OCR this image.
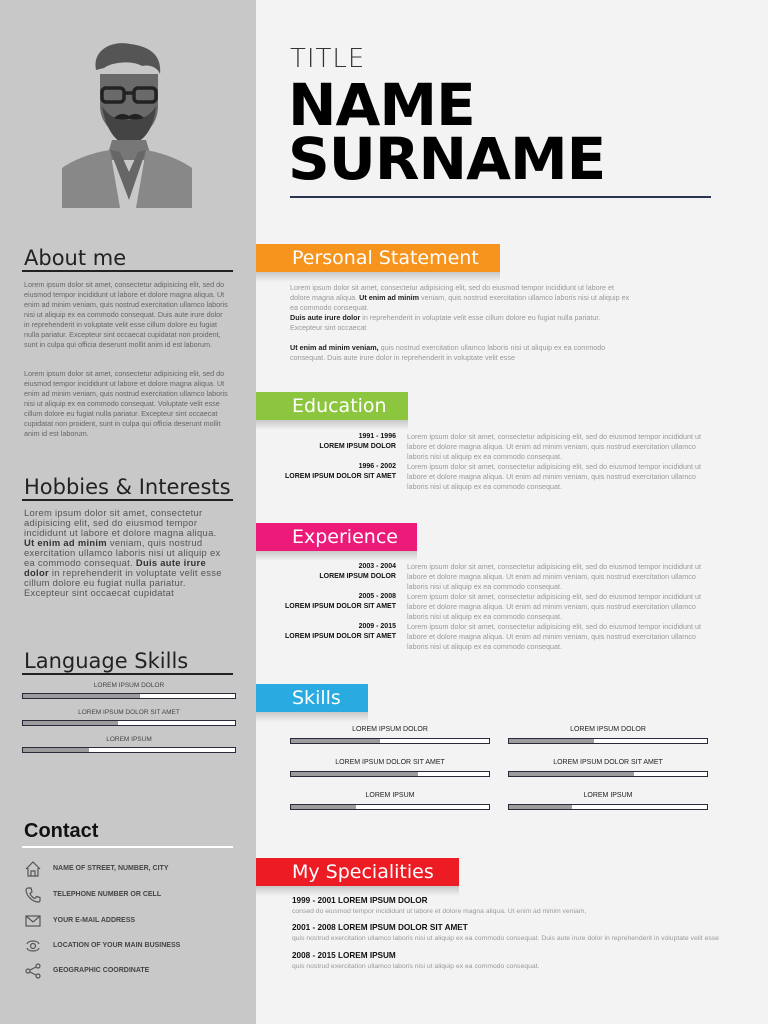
About me
Lorem ipsum dolor sit amet, consectetur adipisicing elit, sed do eiusmod tempor incididunt ut labore et dolore magna aliqua. Ut enim ad minim veniam, quis nostrud exercitation ullamco laboris nisi ut aliquip ex ea commodo consequat. Duis aute irure dolor in reprehenderit in voluptate velit esse cillum dolore eu fugiat nulla pariatur. Excepteur sint occaecat cupidatat non proident, sunt in culpa qui officia deserunt mollit anim id est laborum.
Lorem ipsum dolor sit amet, consectetur adipisicing elit, sed do eiusmod tempor incididunt ut labore et dolore magna aliqua. Ut enim ad minim veniam, quis nostrud exercitation ullamco laboris nisi ut aliquip ex ea commodo consequat. Voluptate velit esse cillum dolore eu fugiat nulla pariatur. Excepteur sint occaecat cupidatat non proident, sunt in culpa qui officia deserunt mollit anim id est laborum.
Hobbies & Interests
Lorem ipsum dolor sit amet, consectetur adipisicing elit, sed do eiusmod tempor incididunt ut labore et dolore magna aliqua. Ut enim ad minim veniam, quis nostrud exercitation ullamco laboris nisi ut aliquip ex ea commodo consequat. Duis aute irure dolor in reprehenderit in voluptate velit esse cillum dolore eu fugiat nulla pariatur. Excepteur sint occaecat cupidatat
Language Skills
Contact
NAME OF STREET, NUMBER, CITY
TELEPHONE NUMBER OR CELL
YOUR E-MAIL ADDRESS
LOCATION OF YOUR MAIN BUSINESS
GEOGRAPHIC COORDINATE
TITLE
NAME
SURNAME
Personal Statement
Lorem ipsum dolor sit amet, consectetur adipisicing elit, sed do eiusmod tempor incididunt ut labore et
dolore magna aliqua. Ut enim ad minim veniam, quis nostrud exercitation ullamco laboris nisi ut aliquip ex
ea commodo consequat.
Duis aute irure dolor in reprehenderit in voluptate velit esse cillum dolore eu fugiat nulla pariatur.
Excepteur sint occaecat
Ut enim ad minim veniam, quis nostrud exercitation ullamco laboris nisi ut aliquip ex ea commodo
consequat. Duis aute irure dolor in reprehenderit in voluptate velit esse
Education
Experience
Skills
My Specialities
LOREM IPSUM DOLOR
LOREM IPSUM DOLOR SIT AMET
LOREM IPSUM
1991 - 1996
LOREM IPSUM DOLOR
Lorem ipsum dolor sit amet, consectetur adipisicing elit, sed do eiusmod tempor incididunt ut labore et dolore magna aliqua. Ut enim ad minim veniam, quis nostrud exercitation ullamco laboris nisi ut aliquip ex ea commodo consequat.
1996 - 2002
LOREM IPSUM DOLOR SIT AMET
Lorem ipsum dolor sit amet, consectetur adipisicing elit, sed do eiusmod tempor incididunt ut labore et dolore magna aliqua. Ut enim ad minim veniam, quis nostrud exercitation ullamco laboris nisi ut aliquip ex ea commodo consequat.
2003 - 2004
LOREM IPSUM DOLOR
Lorem ipsum dolor sit amet, consectetur adipisicing elit, sed do eiusmod tempor incididunt ut labore et dolore magna aliqua. Ut enim ad minim veniam, quis nostrud exercitation ullamco laboris nisi ut aliquip ex ea commodo consequat.
2005 - 2008
LOREM IPSUM DOLOR SIT AMET
Lorem ipsum dolor sit amet, consectetur adipisicing elit, sed do eiusmod tempor incididunt ut labore et dolore magna aliqua. Ut enim ad minim veniam, quis nostrud exercitation ullamco laboris nisi ut aliquip ex ea commodo consequat.
2009 - 2015
LOREM IPSUM DOLOR SIT AMET
Lorem ipsum dolor sit amet, consectetur adipisicing elit, sed do eiusmod tempor incididunt ut labore et dolore magna aliqua. Ut enim ad minim veniam, quis nostrud exercitation ullamco laboris nisi ut aliquip ex ea commodo consequat.
LOREM IPSUM DOLOR	LOREM IPSUM DOLOR
LOREM IPSUM DOLOR SIT AMET	LOREM IPSUM DOLOR SIT AMET
LOREM IPSUM	LOREM IPSUM
1999 - 2001 LOREM IPSUM DOLOR
consed do eiusmod tempor incididunt ut labore et dolore magna aliqua. Ut enim ad minim veniam,
2001 - 2008 LOREM IPSUM DOLOR SIT AMET
quis nostrud exercitation ullamco laboris nisi ut aliquip ex ea commodo consequat. Duis aute irure dolor in reprehenderit in voluptate velit esse
2008 - 2015 LOREM IPSUM
quis nostrud exercitation ullamco laboris nisi ut aliquip ex ea commodo consequat.
